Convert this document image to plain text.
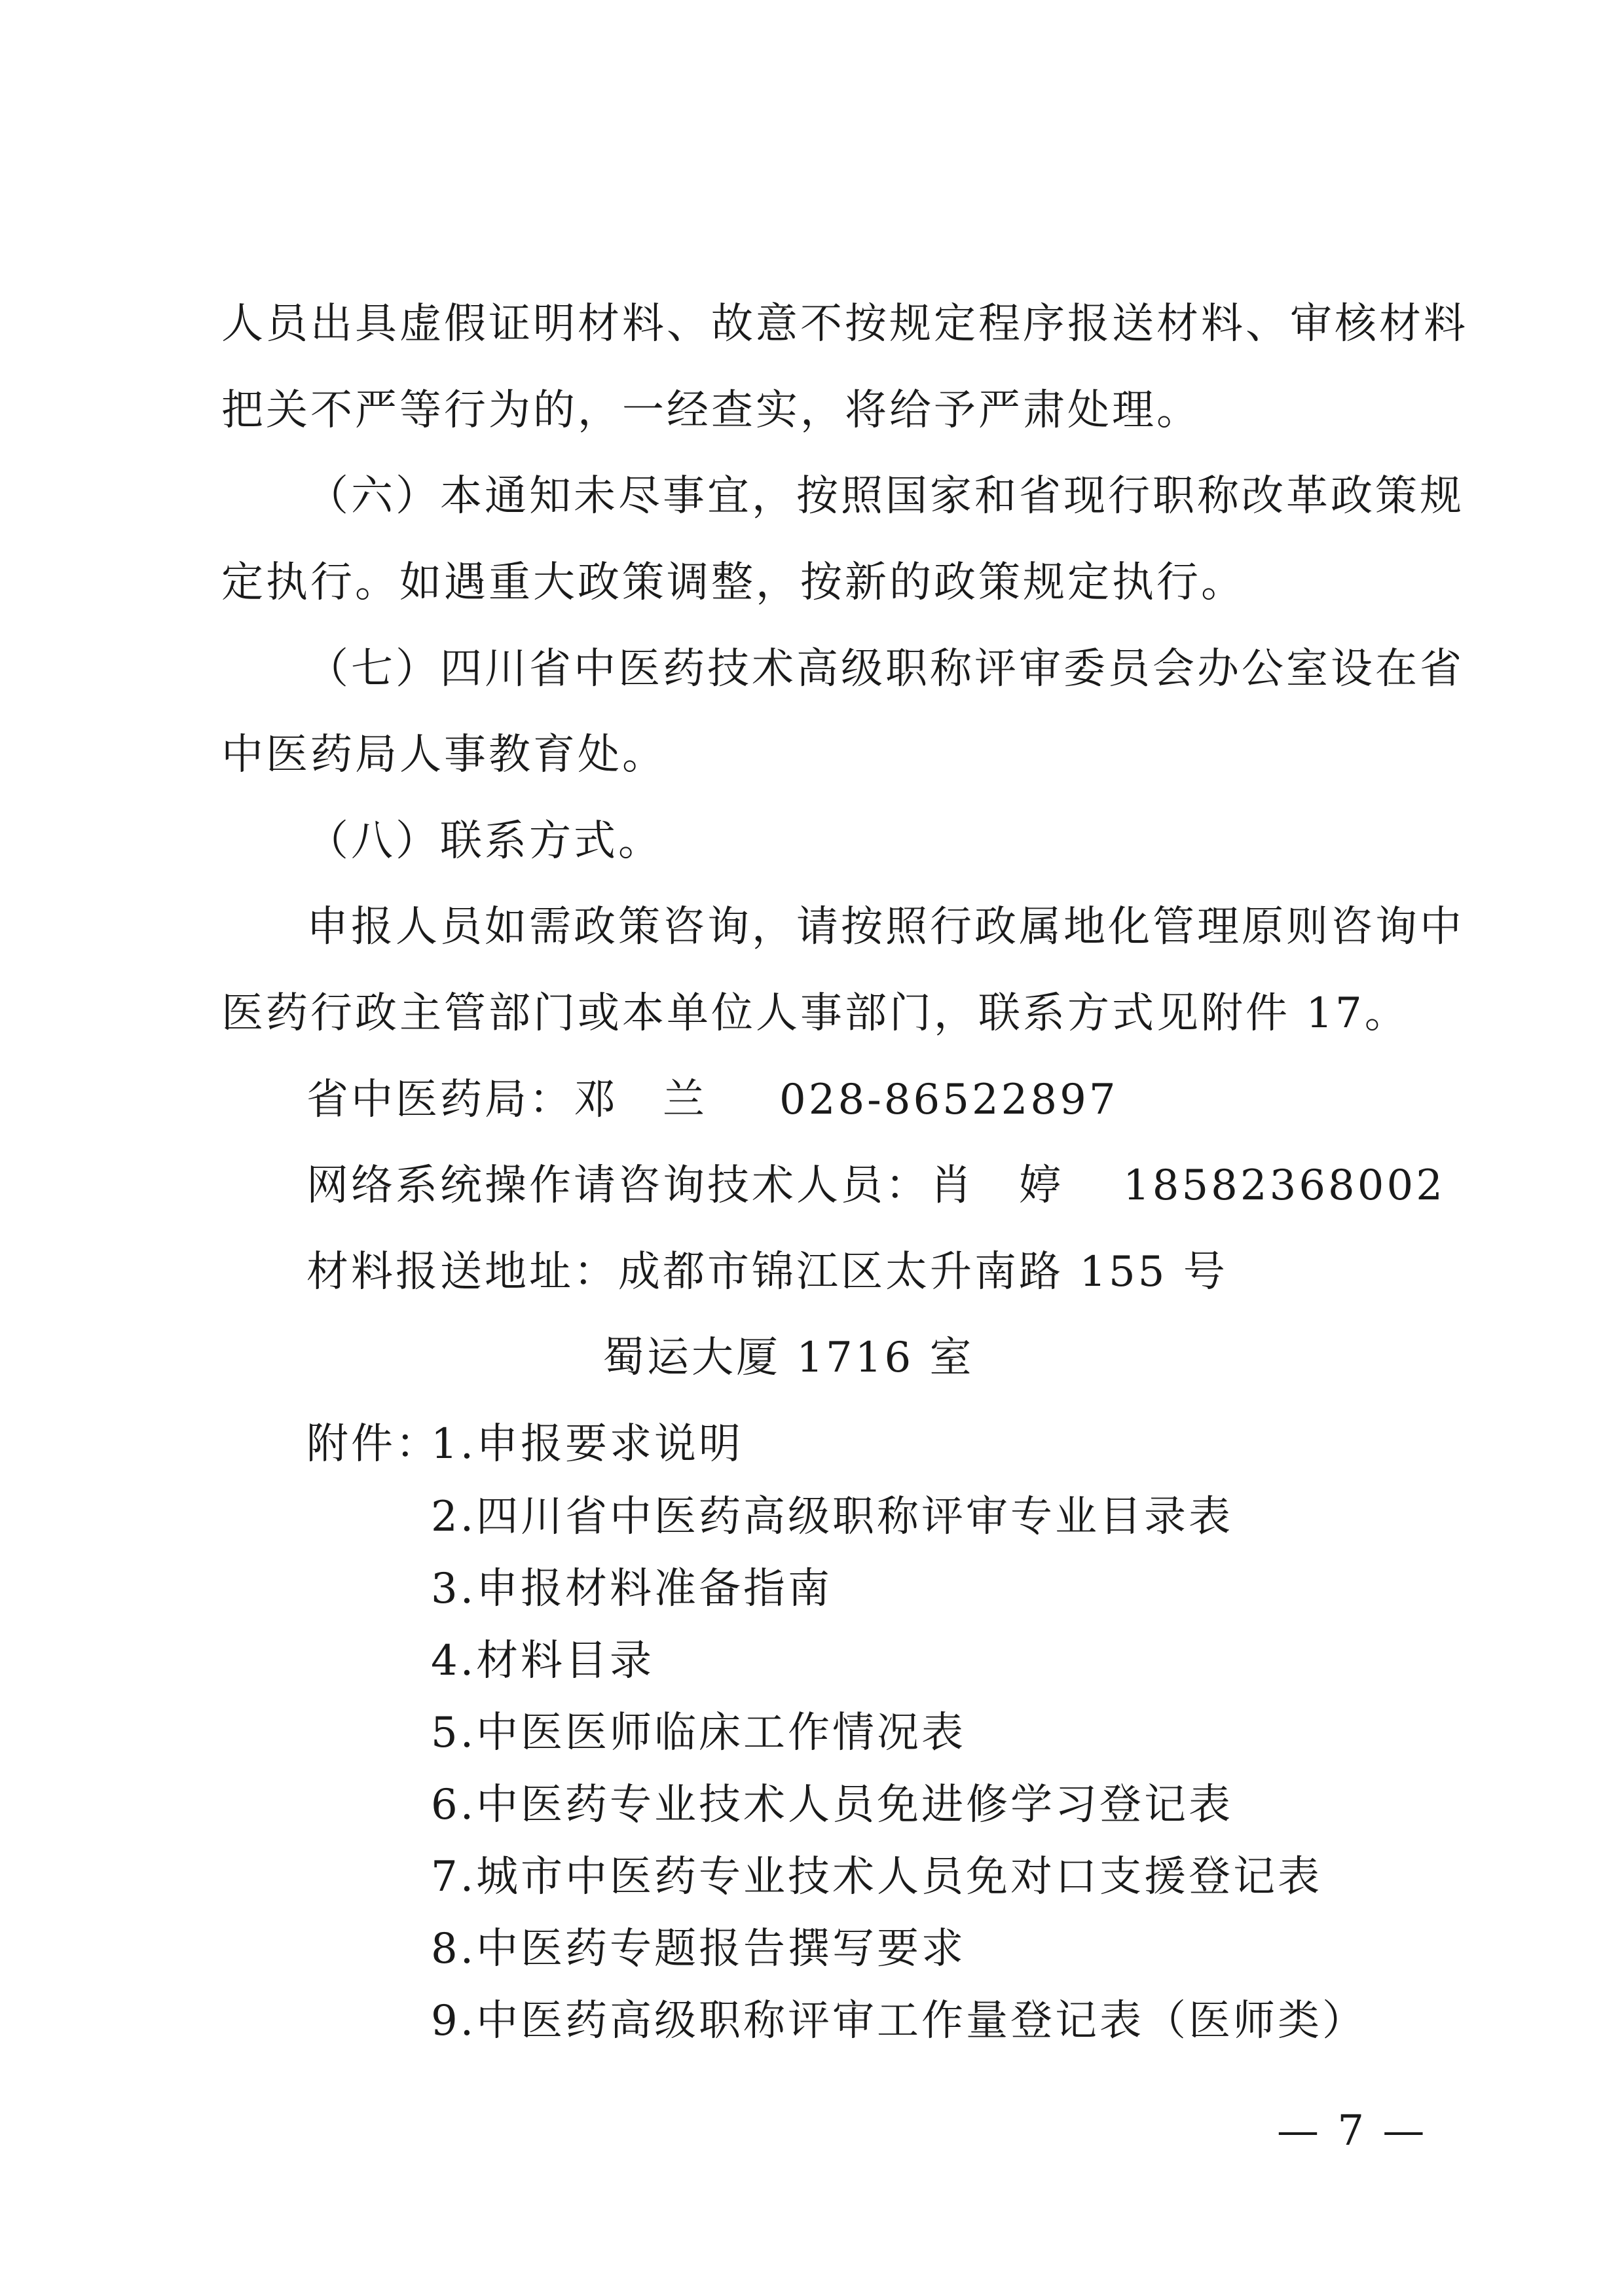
人员出具虚假证明材料、故意不按规定程序报送材料、审核材料
把关不严等行为的，一经查实，将给予严肃处理。
（六）本通知未尽事宜，按照国家和省现行职称改革政策规
定执行。如遇重大政策调整，按新的政策规定执行。
（七）四川省中医药技术高级职称评审委员会办公室设在省
中医药局人事教育处。
（八）联系方式。
申报人员如需政策咨询，请按照行政属地化管理原则咨询中
医药行政主管部门或本单位人事部门，联系方式见附件 17。
省中医药局：邓　兰 028-86522897
网络系统操作请咨询技术人员：肖　婷 18582368002
材料报送地址：成都市锦江区太升南路 155 号
蜀运大厦 1716 室
附件：
1.申报要求说明
2.四川省中医药高级职称评审专业目录表
3.申报材料准备指南
4.材料目录
5.中医医师临床工作情况表
6.中医药专业技术人员免进修学习登记表
7.城市中医药专业技术人员免对口支援登记表
8.中医药专题报告撰写要求
9.中医药高级职称评审工作量登记表（医师类）
— 7 —
